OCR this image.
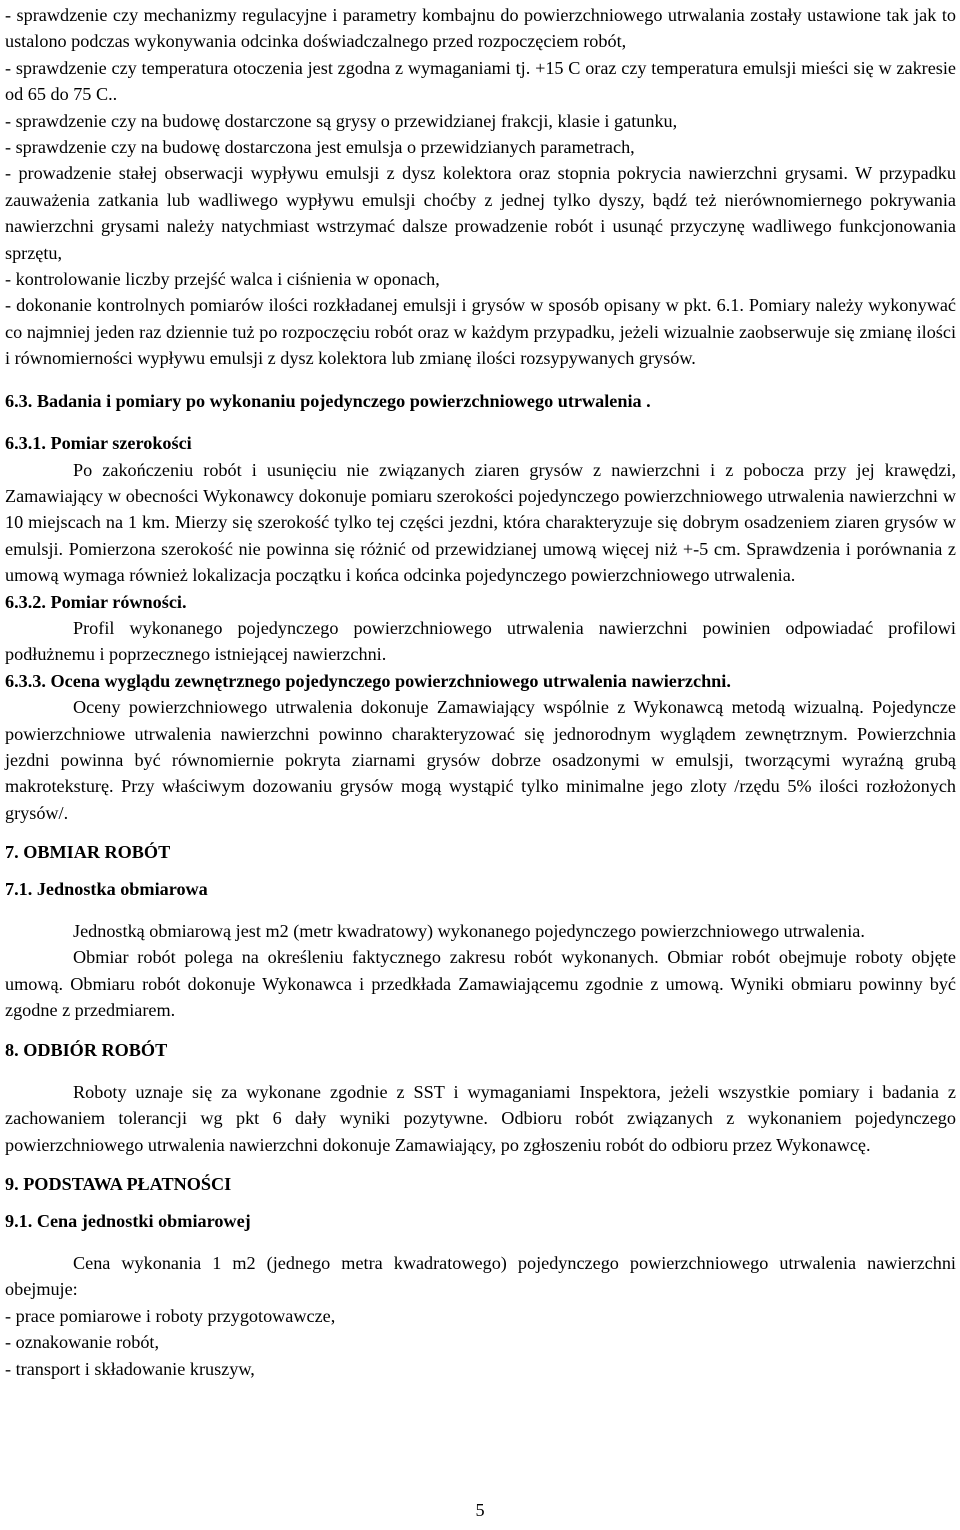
- sprawdzenie czy mechanizmy regulacyjne i parametry kombajnu do powierzchniowego utrwalania zostały ustawione tak jak to ustalono podczas wykonywania odcinka doświadczalnego przed rozpoczęciem robót,

- sprawdzenie czy temperatura otoczenia jest zgodna z wymaganiami tj. +15 C oraz czy temperatura emulsji mieści się w zakresie od 65 do 75 C..

- sprawdzenie czy na budowę dostarczone są grysy o przewidzianej frakcji, klasie i gatunku,

- sprawdzenie czy na budowę dostarczona jest emulsja o przewidzianych parametrach,

- prowadzenie stałej obserwacji wypływu emulsji z dysz kolektora oraz stopnia pokrycia nawierzchni grysami. W przypadku zauważenia zatkania lub wadliwego wypływu emulsji choćby z jednej tylko dyszy, bądź też nierównomiernego pokrywania nawierzchni grysami należy natychmiast wstrzymać dalsze prowadzenie robót i usunąć przyczynę wadliwego funkcjonowania sprzętu,

- kontrolowanie liczby przejść walca i ciśnienia w oponach,

- dokonanie kontrolnych pomiarów ilości rozkładanej emulsji i grysów w sposób opisany w pkt. 6.1. Pomiary należy wykonywać co najmniej jeden raz dziennie tuż po rozpoczęciu robót oraz w każdym przypadku, jeżeli wizualnie zaobserwuje się zmianę ilości i równomierności wypływu emulsji z dysz kolektora lub zmianę ilości rozsypywanych grysów.

6.3. Badania i pomiary po wykonaniu pojedynczego powierzchniowego utrwalenia .

6.3.1. Pomiar szerokości

Po zakończeniu robót i usunięciu nie związanych ziaren grysów z nawierzchni i z pobocza przy jej krawędzi, Zamawiający w obecności Wykonawcy dokonuje pomiaru szerokości pojedynczego powierzchniowego utrwalenia nawierzchni w 10 miejscach na 1 km. Mierzy się szerokość tylko tej części jezdni, która charakteryzuje się dobrym osadzeniem ziaren grysów w emulsji. Pomierzona szerokość nie powinna się różnić od przewidzianej umową więcej niż +-5 cm. Sprawdzenia i porównania z umową wymaga również lokalizacja początku i końca odcinka pojedynczego powierzchniowego utrwalenia.

6.3.2. Pomiar równości.

Profil wykonanego pojedynczego powierzchniowego utrwalenia nawierzchni powinien odpowiadać profilowi podłużnemu i poprzecznego istniejącej nawierzchni.

6.3.3. Ocena wyglądu zewnętrznego pojedynczego powierzchniowego utrwalenia nawierzchni.

Oceny powierzchniowego utrwalenia dokonuje Zamawiający wspólnie z Wykonawcą metodą wizualną. Pojedyncze powierzchniowe utrwalenia nawierzchni powinno charakteryzować się jednorodnym wyglądem zewnętrznym. Powierzchnia jezdni powinna być równomiernie pokryta ziarnami grysów dobrze osadzonymi w emulsji, tworzącymi wyraźną grubą makroteksturę. Przy właściwym dozowaniu grysów mogą wystąpić tylko minimalne jego zloty /rzędu 5% ilości rozłożonych grysów/.

7. OBMIAR ROBÓT

7.1. Jednostka obmiarowa

Jednostką obmiarową jest m2 (metr kwadratowy) wykonanego pojedynczego powierzchniowego utrwalenia.

Obmiar robót polega na określeniu faktycznego zakresu robót wykonanych. Obmiar robót obejmuje roboty objęte umową. Obmiaru robót dokonuje Wykonawca i przedkłada Zamawiającemu zgodnie z umową. Wyniki obmiaru powinny być zgodne z przedmiarem.

8. ODBIÓR ROBÓT

Roboty uznaje się za wykonane zgodnie z SST i wymaganiami Inspektora, jeżeli wszystkie pomiary i badania z zachowaniem tolerancji wg pkt 6 dały wyniki pozytywne. Odbioru robót związanych z wykonaniem pojedynczego powierzchniowego utrwalenia nawierzchni dokonuje Zamawiający, po zgłoszeniu robót do odbioru przez Wykonawcę.

9. PODSTAWA PŁATNOŚCI

9.1. Cena jednostki obmiarowej

Cena wykonania 1 m2 (jednego metra kwadratowego) pojedynczego powierzchniowego utrwalenia nawierzchni obejmuje:

- prace pomiarowe i roboty przygotowawcze,

- oznakowanie robót,

- transport i składowanie kruszyw,

5
